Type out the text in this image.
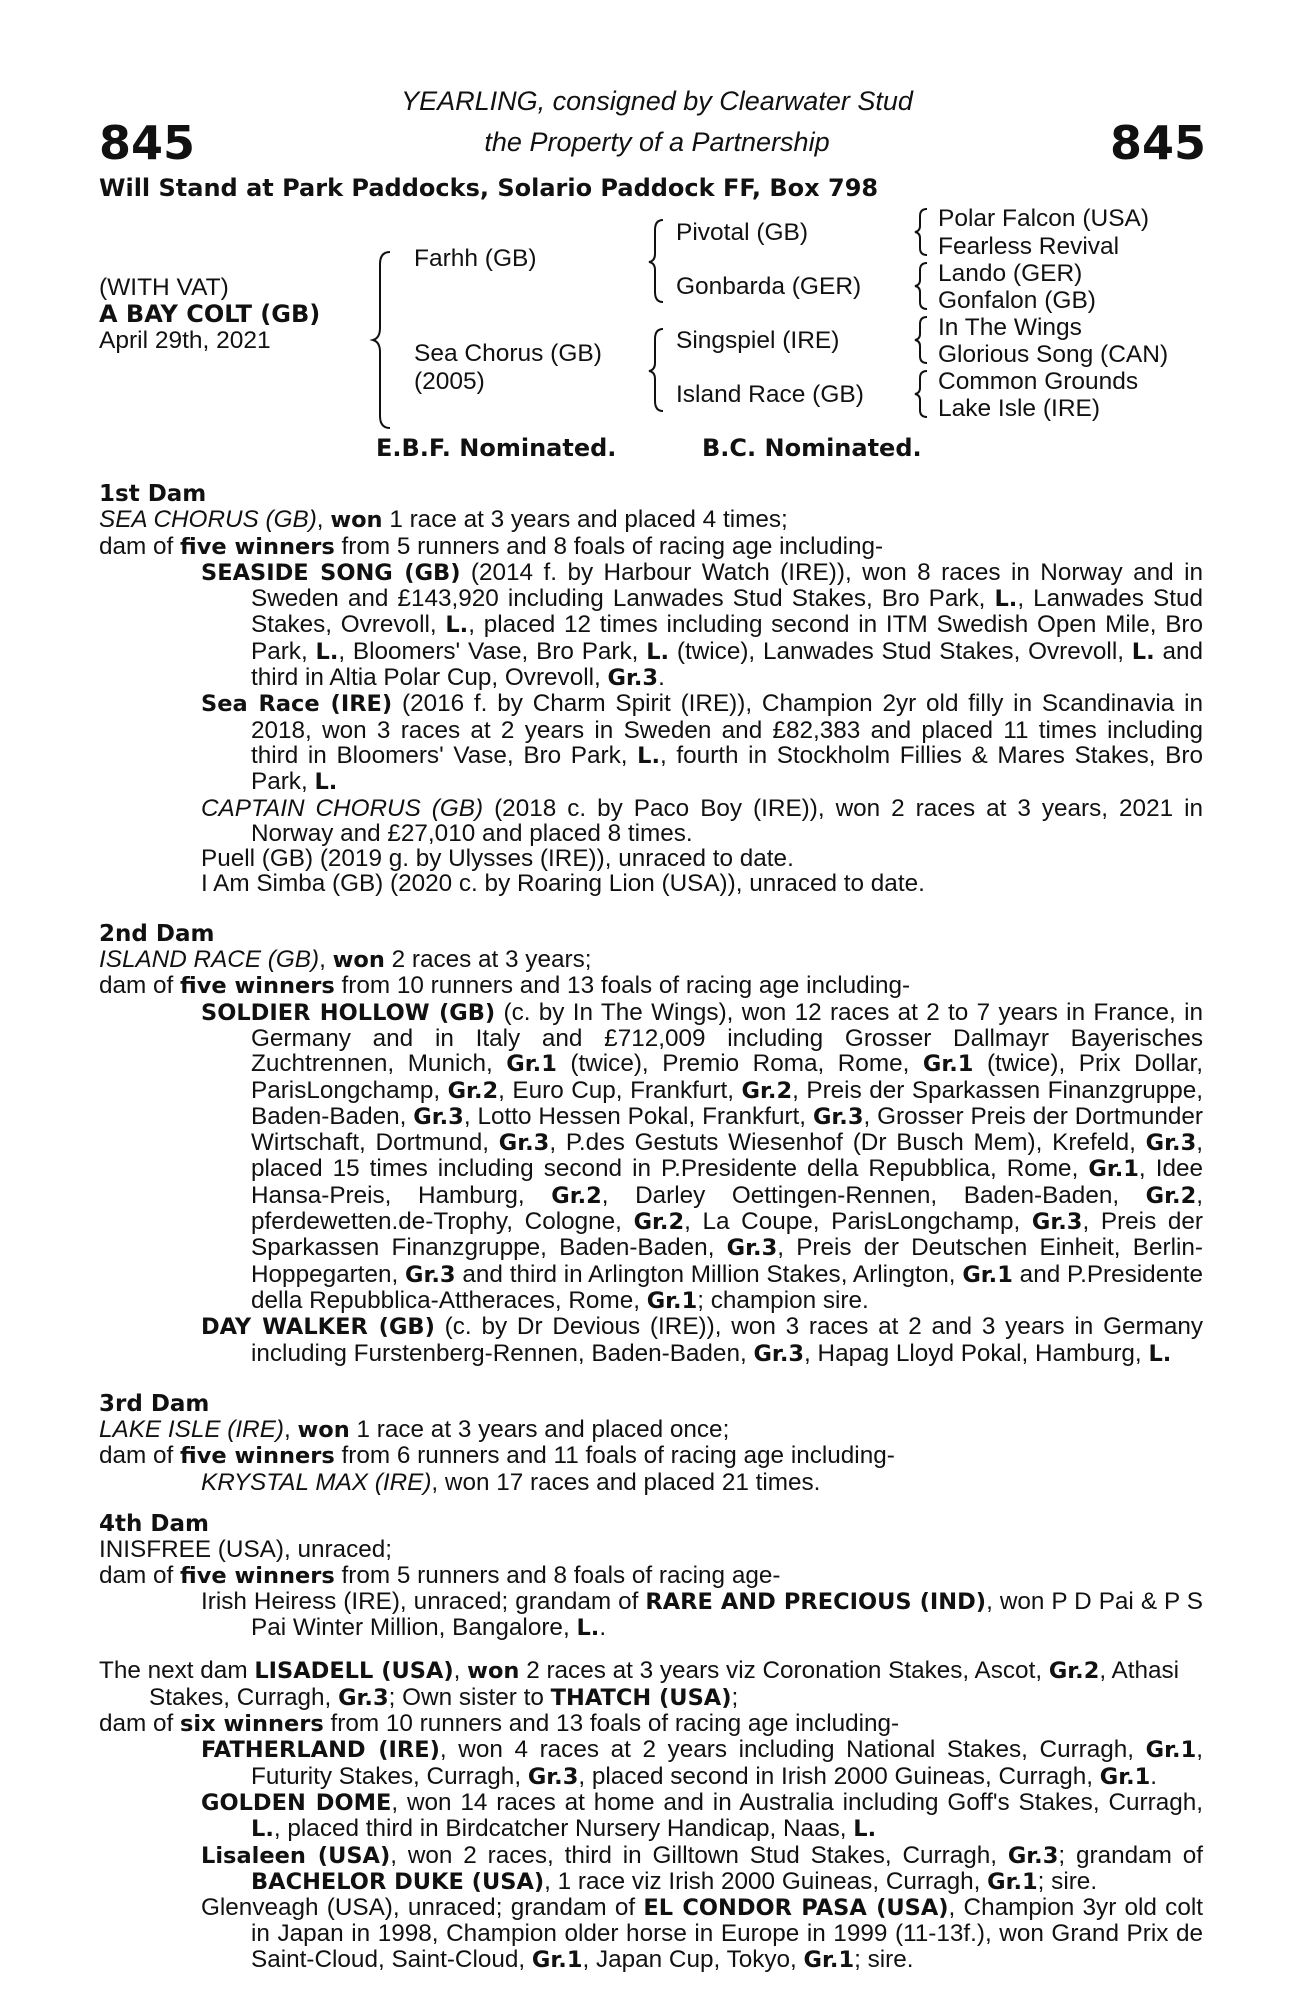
845	845
YEARLING, consigned by Clearwater Stud
the Property of a Partnership
Will Stand at Park Paddocks, Solario Paddock FF, Box 798
(WITH VAT)
A BAY COLT (GB)
April 29th, 2021
Farhh (GB)
Sea Chorus (GB)
(2005)
Pivotal (GB)
Gonbarda (GER)
Singspiel (IRE)
Island Race (GB)
Polar Falcon (USA)
Fearless Revival
Lando (GER)
Gonfalon (GB)
In The Wings
Glorious Song (CAN)
Common Grounds
Lake Isle (IRE)
E.B.F. Nominated.	B.C. Nominated.

1st Dam

SEA CHORUS (GB), won 1 race at 3 years and placed 4 times;

dam of five winners from 5 runners and 8 foals of racing age including-

SEASIDE SONG (GB) (2014 f. by Harbour Watch (IRE)), won 8 races in Norway and in Sweden and £143,920 including Lanwades Stud Stakes, Bro Park, L., Lanwades Stud Stakes, Ovrevoll, L., placed 12 times including second in ITM Swedish Open Mile, Bro Park, L., Bloomers' Vase, Bro Park, L. (twice), Lanwades Stud Stakes, Ovrevoll, L. and third in Altia Polar Cup, Ovrevoll, Gr.3.

Sea Race (IRE) (2016 f. by Charm Spirit (IRE)), Champion 2yr old filly in Scandinavia in 2018, won 3 races at 2 years in Sweden and £82,383 and placed 11 times including third in Bloomers' Vase, Bro Park, L., fourth in Stockholm Fillies & Mares Stakes, Bro Park, L.

CAPTAIN CHORUS (GB) (2018 c. by Paco Boy (IRE)), won 2 races at 3 years, 2021 in Norway and £27,010 and placed 8 times.

Puell (GB) (2019 g. by Ulysses (IRE)), unraced to date.

I Am Simba (GB) (2020 c. by Roaring Lion (USA)), unraced to date.

2nd Dam

ISLAND RACE (GB), won 2 races at 3 years;

dam of five winners from 10 runners and 13 foals of racing age including-

SOLDIER HOLLOW (GB) (c. by In The Wings), won 12 races at 2 to 7 years in France, in Germany and in Italy and £712,009 including Grosser Dallmayr Bayerisches Zuchtrennen, Munich, Gr.1 (twice), Premio Roma, Rome, Gr.1 (twice), Prix Dollar, ParisLongchamp, Gr.2, Euro Cup, Frankfurt, Gr.2, Preis der Sparkassen Finanzgruppe, Baden-Baden, Gr.3, Lotto Hessen Pokal, Frankfurt, Gr.3, Grosser Preis der Dortmunder Wirtschaft, Dortmund, Gr.3, P.des Gestuts Wiesenhof (Dr Busch Mem), Krefeld, Gr.3, placed 15 times including second in P.Presidente della Repubblica, Rome, Gr.1, Idee Hansa-Preis, Hamburg, Gr.2, Darley Oettingen-Rennen, Baden-Baden, Gr.2, pferdewetten.de-Trophy, Cologne, Gr.2, La Coupe, ParisLongchamp, Gr.3, Preis der Sparkassen Finanzgruppe, Baden-Baden, Gr.3, Preis der Deutschen Einheit, Berlin-Hoppegarten, Gr.3 and third in Arlington Million Stakes, Arlington, Gr.1 and P.Presidente della Repubblica-Attheraces, Rome, Gr.1; champion sire.

DAY WALKER (GB) (c. by Dr Devious (IRE)), won 3 races at 2 and 3 years in Germany including Furstenberg-Rennen, Baden-Baden, Gr.3, Hapag Lloyd Pokal, Hamburg, L.

3rd Dam

LAKE ISLE (IRE), won 1 race at 3 years and placed once;

dam of five winners from 6 runners and 11 foals of racing age including-

KRYSTAL MAX (IRE), won 17 races and placed 21 times.

4th Dam

INISFREE (USA), unraced;

dam of five winners from 5 runners and 8 foals of racing age-

Irish Heiress (IRE), unraced; grandam of RARE AND PRECIOUS (IND), won P D Pai & P S Pai Winter Million, Bangalore, L..

The next dam LISADELL (USA), won 2 races at 3 years viz Coronation Stakes, Ascot, Gr.2, Athasi Stakes, Curragh, Gr.3; Own sister to THATCH (USA);

dam of six winners from 10 runners and 13 foals of racing age including-

FATHERLAND (IRE), won 4 races at 2 years including National Stakes, Curragh, Gr.1, Futurity Stakes, Curragh, Gr.3, placed second in Irish 2000 Guineas, Curragh, Gr.1.

GOLDEN DOME, won 14 races at home and in Australia including Goff's Stakes, Curragh, L., placed third in Birdcatcher Nursery Handicap, Naas, L.

Lisaleen (USA), won 2 races, third in Gilltown Stud Stakes, Curragh, Gr.3; grandam of BACHELOR DUKE (USA), 1 race viz Irish 2000 Guineas, Curragh, Gr.1; sire.

Glenveagh (USA), unraced; grandam of EL CONDOR PASA (USA), Champion 3yr old colt in Japan in 1998, Champion older horse in Europe in 1999 (11-13f.), won Grand Prix de Saint-Cloud, Saint-Cloud, Gr.1, Japan Cup, Tokyo, Gr.1; sire.
